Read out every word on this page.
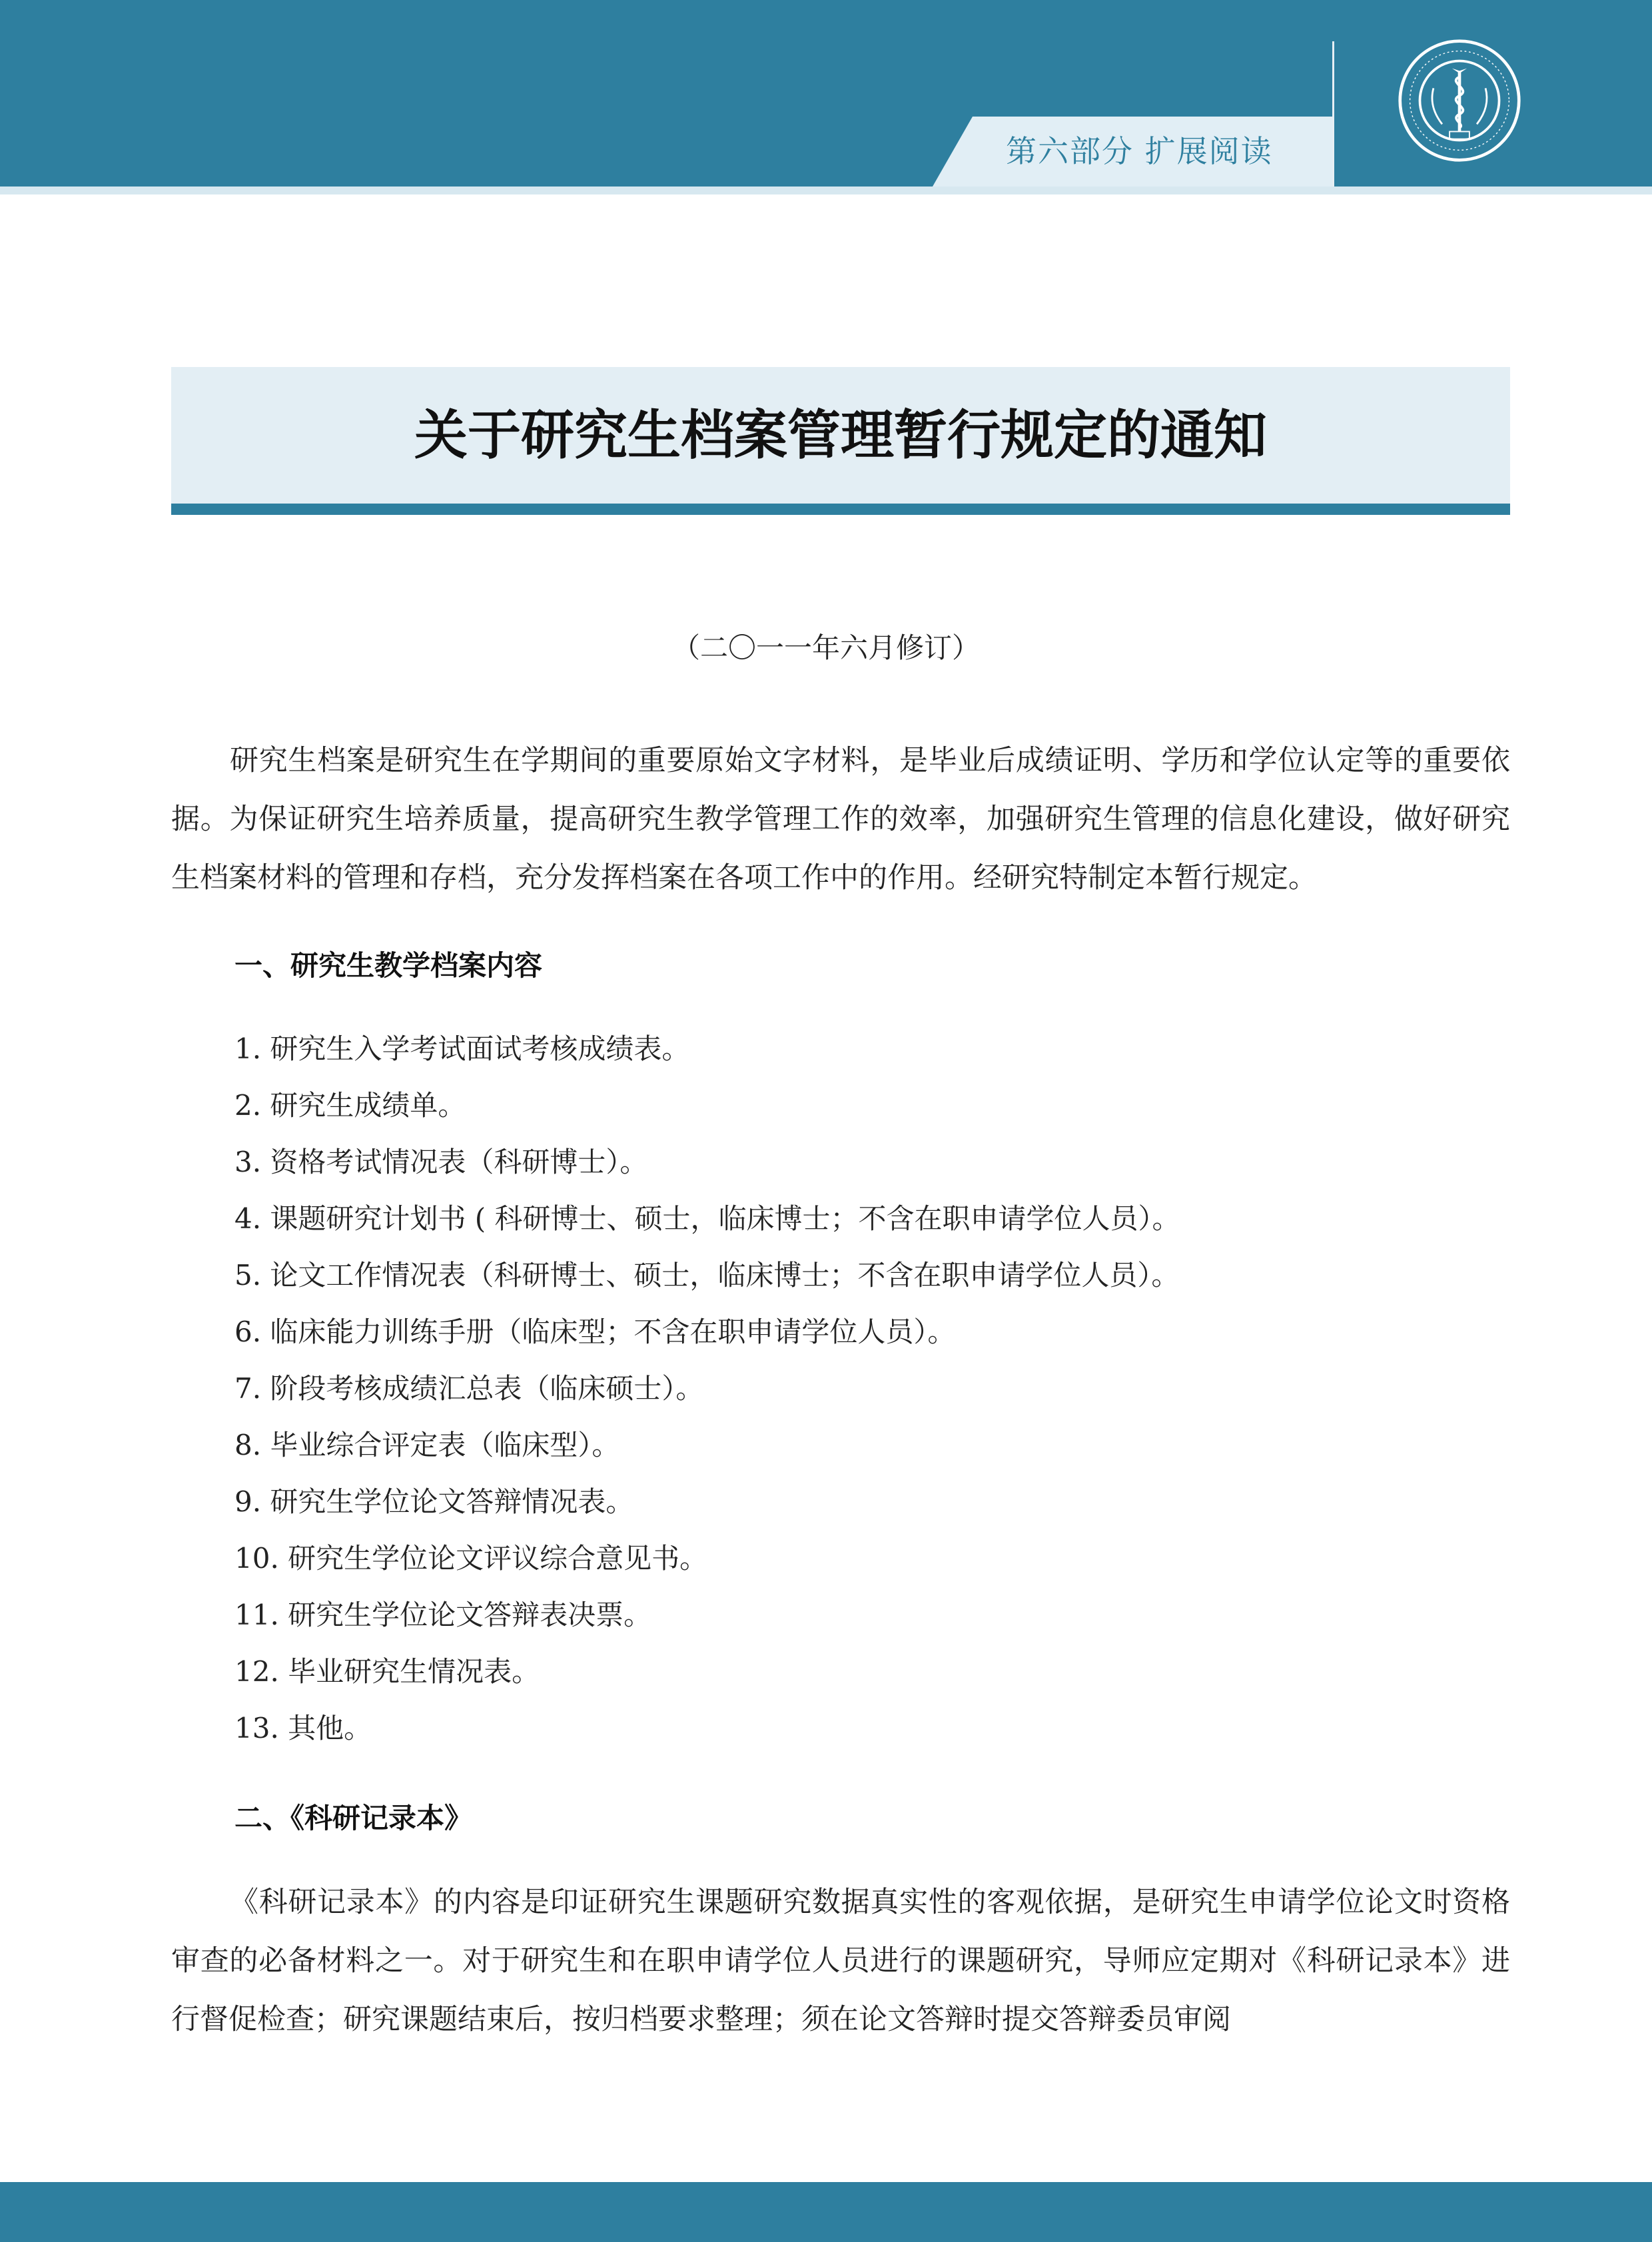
第六部分 扩展阅读
关于研究生档案管理暂行规定的通知
（二〇一一年六月修订）

研究生档案是研究生在学期间的重要原始文字材料，是毕业后成绩证明、学历和学位认定等的重要依据。为保证研究生培养质量，提高研究生教学管理工作的效率，加强研究生管理的信息化建设，做好研究生档案材料的管理和存档，充分发挥档案在各项工作中的作用。经研究特制定本暂行规定。

一、研究生教学档案内容
1. 研究生入学考试面试考核成绩表。
2. 研究生成绩单。
3. 资格考试情况表（科研博士）。
4. 课题研究计划书 ( 科研博士、硕士，临床博士；不含在职申请学位人员）。
5. 论文工作情况表（科研博士、硕士，临床博士；不含在职申请学位人员）。
6. 临床能力训练手册（临床型；不含在职申请学位人员）。
7. 阶段考核成绩汇总表（临床硕士）。
8. 毕业综合评定表（临床型）。
9. 研究生学位论文答辩情况表。
10. 研究生学位论文评议综合意见书。
11. 研究生学位论文答辩表决票。
12. 毕业研究生情况表。
13. 其他。
二、《科研记录本》

《科研记录本》的内容是印证研究生课题研究数据真实性的客观依据，是研究生申请学位论文时资格审查的必备材料之一。对于研究生和在职申请学位人员进行的课题研究，导师应定期对《科研记录本》进行督促检查；研究课题结束后，按归档要求整理；须在论文答辩时提交答辩委员审阅
